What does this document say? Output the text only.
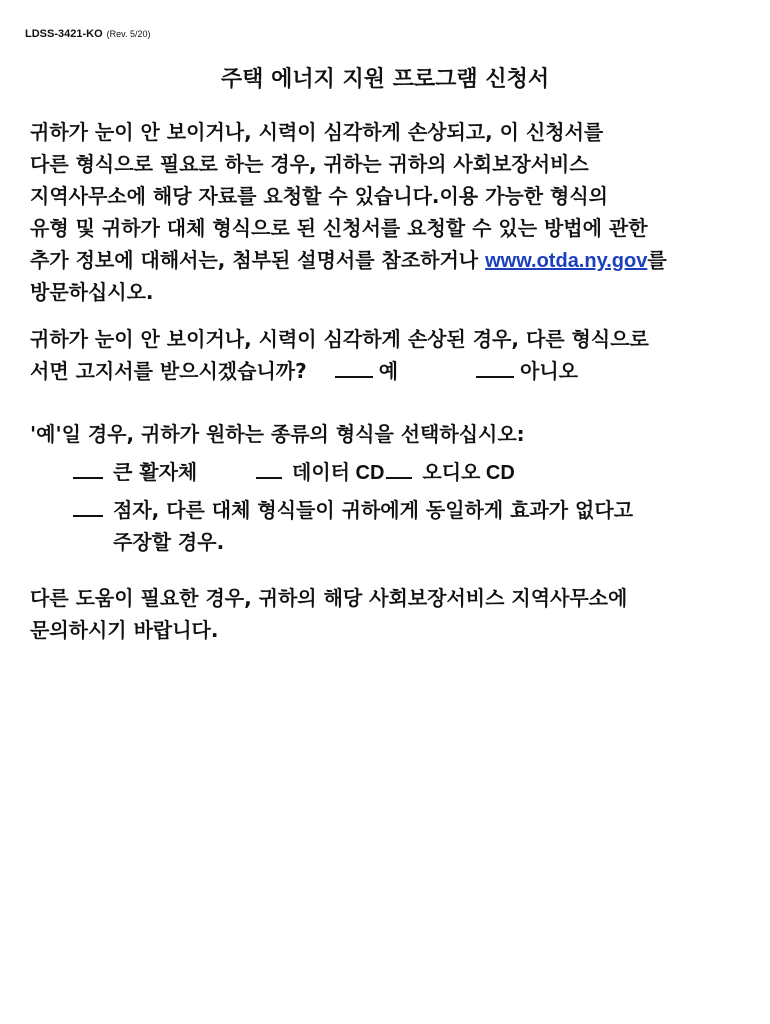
LDSS-3421-KO (Rev. 5/20)
주택 에너지 지원 프로그램 신청서
귀하가 눈이 안 보이거나, 시력이 심각하게 손상되고, 이 신청서를
다른 형식으로 필요로 하는 경우, 귀하는 귀하의 사회보장서비스
지역사무소에 해당 자료를 요청할 수 있습니다.이용 가능한 형식의
유형 및 귀하가 대체 형식으로 된 신청서를 요청할 수 있는 방법에 관한
추가 정보에 대해서는, 첨부된 설명서를 참조하거나 www.otda.ny.gov를
방문하십시오.
귀하가 눈이 안 보이거나, 시력이 심각하게 손상된 경우, 다른 형식으로
서면 고지서를 받으시겠습니까?	예	아니오
'예'일 경우, 귀하가 원하는 종류의 형식을 선택하십시오:
큰 활자체	데이터 CD 오디오 CD
점자, 다른 대체 형식들이 귀하에게 동일하게 효과가 없다고
주장할 경우.
다른 도움이 필요한 경우, 귀하의 해당 사회보장서비스 지역사무소에
문의하시기 바랍니다.
